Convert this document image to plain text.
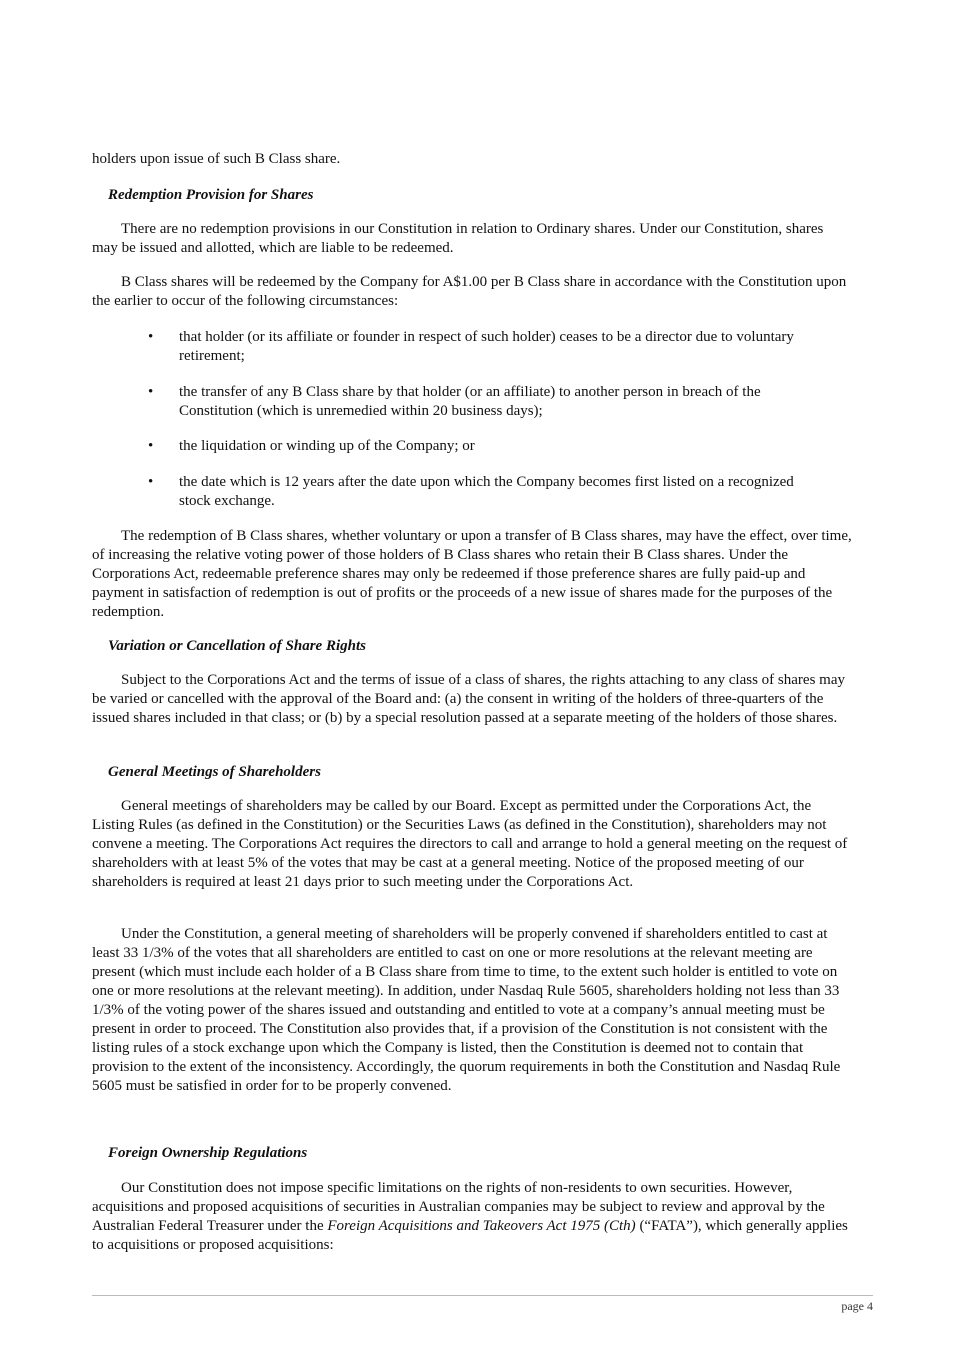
holders upon issue of such B Class share.

Redemption Provision for Shares

There are no redemption provisions in our Constitution in relation to Ordinary shares. Under our Constitution, shares may be issued and allotted, which are liable to be redeemed.

B Class shares will be redeemed by the Company for A$1.00 per B Class share in accordance with the Constitution upon the earlier to occur of the following circumstances:

•	that holder (or its affiliate or founder in respect of such holder) ceases to be a director due to voluntary retirement;
•	the transfer of any B Class share by that holder (or an affiliate) to another person in breach of the Constitution (which is unremedied within 20 business days);
•	the liquidation or winding up of the Company; or
•	the date which is 12 years after the date upon which the Company becomes first listed on a recognized stock exchange.

The redemption of B Class shares, whether voluntary or upon a transfer of B Class shares, may have the effect, over time, of increasing the relative voting power of those holders of B Class shares who retain their B Class shares. Under the Corporations Act, redeemable preference shares may only be redeemed if those preference shares are fully paid-up and payment in satisfaction of redemption is out of profits or the proceeds of a new issue of shares made for the purposes of the redemption.

Variation or Cancellation of Share Rights

Subject to the Corporations Act and the terms of issue of a class of shares, the rights attaching to any class of shares may be varied or cancelled with the approval of the Board and: (a) the consent in writing of the holders of three-quarters of the issued shares included in that class; or (b) by a special resolution passed at a separate meeting of the holders of those shares.

General Meetings of Shareholders

General meetings of shareholders may be called by our Board. Except as permitted under the Corporations Act, the Listing Rules (as defined in the Constitution) or the Securities Laws (as defined in the Constitution), shareholders may not convene a meeting. The Corporations Act requires the directors to call and arrange to hold a general meeting on the request of shareholders with at least 5% of the votes that may be cast at a general meeting. Notice of the proposed meeting of our shareholders is required at least 21 days prior to such meeting under the Corporations Act.

Under the Constitution, a general meeting of shareholders will be properly convened if shareholders entitled to cast at least 33 1/3% of the votes that all shareholders are entitled to cast on one or more resolutions at the relevant meeting are present (which must include each holder of a B Class share from time to time, to the extent such holder is entitled to vote on one or more resolutions at the relevant meeting). In addition, under Nasdaq Rule 5605, shareholders holding not less than 33 1/3% of the voting power of the shares issued and outstanding and entitled to vote at a company’s annual meeting must be present in order to proceed. The Constitution also provides that, if a provision of the Constitution is not consistent with the listing rules of a stock exchange upon which the Company is listed, then the Constitution is deemed not to contain that provision to the extent of the inconsistency. Accordingly, the quorum requirements in both the Constitution and Nasdaq Rule 5605 must be satisfied in order for to be properly convened.

Foreign Ownership Regulations

Our Constitution does not impose specific limitations on the rights of non-residents to own securities. However, acquisitions and proposed acquisitions of securities in Australian companies may be subject to review and approval by the Australian Federal Treasurer under the Foreign Acquisitions and Takeovers Act 1975 (Cth) (“FATA”), which generally applies to acquisitions or proposed acquisitions:

page 4
